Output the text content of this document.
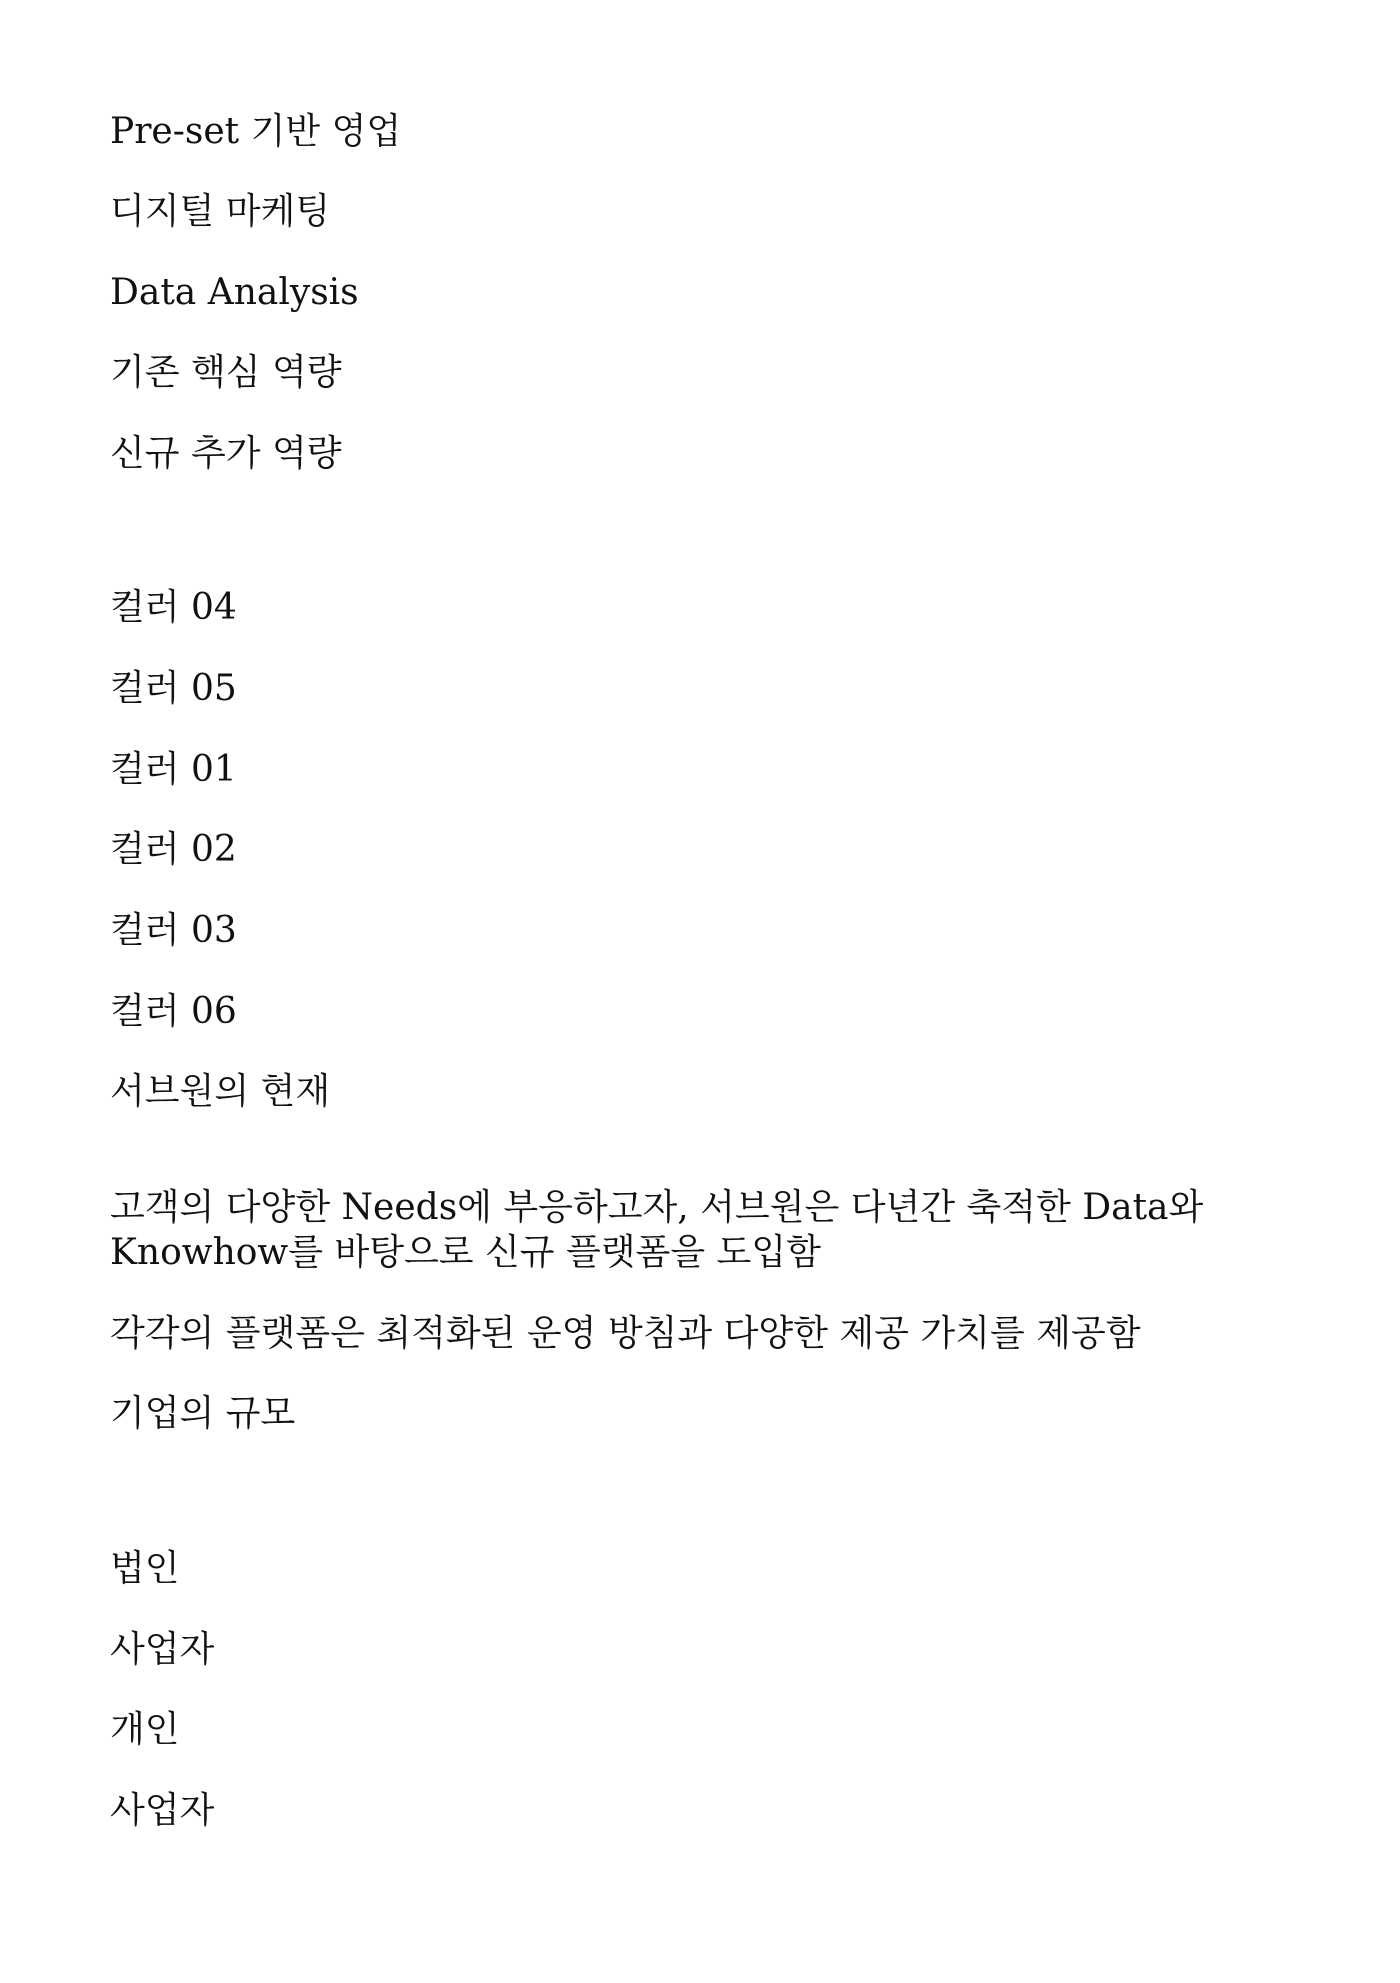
Pre-set 기반 영업

디지털 마케팅

Data Analysis

기존 핵심 역량

신규 추가 역량

컬러 04

컬러 05

컬러 01

컬러 02

컬러 03

컬러 06

서브원의 현재

고객의 다양한 Needs에 부응하고자, 서브원은 다년간 축적한 Data와

Knowhow를 바탕으로 신규 플랫폼을 도입함

각각의 플랫폼은 최적화된 운영 방침과 다양한 제공 가치를 제공함

기업의 규모

법인

사업자

개인

사업자
